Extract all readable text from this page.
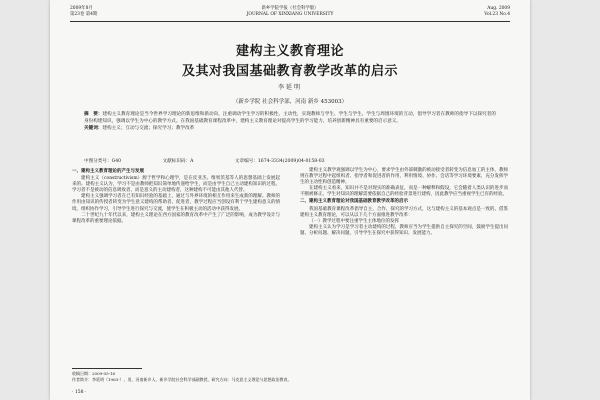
2009年8月
第23卷 第4期
新乡学院学报（社会科学版）
JOURNAL OF XINXIANG UNIVERSITY
Aug. 2009
Vol.23 No.4
建构主义教育理论
及其对我国基础教育教学改革的启示
李延明
（新乡学院 社会科学部，河南 新乡 453003）
摘　要：建构主义教育理论是当今世界学习理论的新思维和新动向，注重调动学生学习的积极性、主动性，实现教师与学生、学生与学生、学生与周围环境的互动，倡导学习者在教师的指导下以探究者的身份构建知识，强调以学生为中心的教学方式。在我国基础教育课程改革中，建构主义教育理论对提高学生的学习能力、培养创新精神具有重要的启示意义。
关键词：建构主义；互动与交流；探究学习；教学改革
中图分类号：G40	文献标识码：A	文章编号：1674-3334(2009)04-0158-03

一、建构主义教育理论的产生与发展

建构主义（constructivism）源于哲学和心理学，是在皮亚杰、维果茨基等人的思想基础上发展起来的。建构主义认为，学习不是由教师把知识简单地传递给学生，而是由学生自己主动建构知识的过程。学习者不是被动的信息吸收者，而是意义的主动建构者，这种建构不可能由其他人代替。

建构主义强调学习者在已有知识经验的基础上，通过与外界环境的相互作用来生成新的理解。教师的作用由知识的传授者转变为学生意义建构的帮助者、促进者，教学过程应当创设有利于学生建构意义的情境，组织协作学习，引导学生进行探究与交流，使学生在积极主动的活动中获得发展。

二十世纪九十年代以来，建构主义理论在西方国家的教育改革中产生了广泛的影响，成为教学设计与课程改革的重要理论依据。

建构主义教学观强调以学生为中心，要求学生由外部刺激的被动接受者转变为信息加工的主体，教师则在教学过程中起组织者、指导者和促进者的作用，利用情境、协作、会话等学习环境要素，充分发挥学生的主动性和创造精神。

在建构主义看来，知识并不是对现实的准确表征，而是一种解释和假设，它会随着人类认识的进步而不断被修正。学生对知识的理解需要依据自己的经验背景进行建构，因此教学应当重视学生已有的经验。

二、建构主义教育理论对我国基础教育教学改革的启示

我国基础教育课程改革倡导自主、合作、探究的学习方式，这与建构主义的基本观点是一致的。借鉴建构主义教育理论，可以从以下几个方面推进教学改革：

（一）教学过程中要注重学生主体地位的发挥

建构主义认为学习是学习者主动建构的过程，教师应当为学生提供自主探究的空间，鼓励学生提出问题、分析问题、解决问题，引导学生在探究中获得知识、发展能力。

收稿日期：2009-05-16
作者简介：李延明（1963-），男，河南新乡人，新乡学院社会科学部副教授，研究方向：马克思主义理论与思想政治教育。
· 158 ·
